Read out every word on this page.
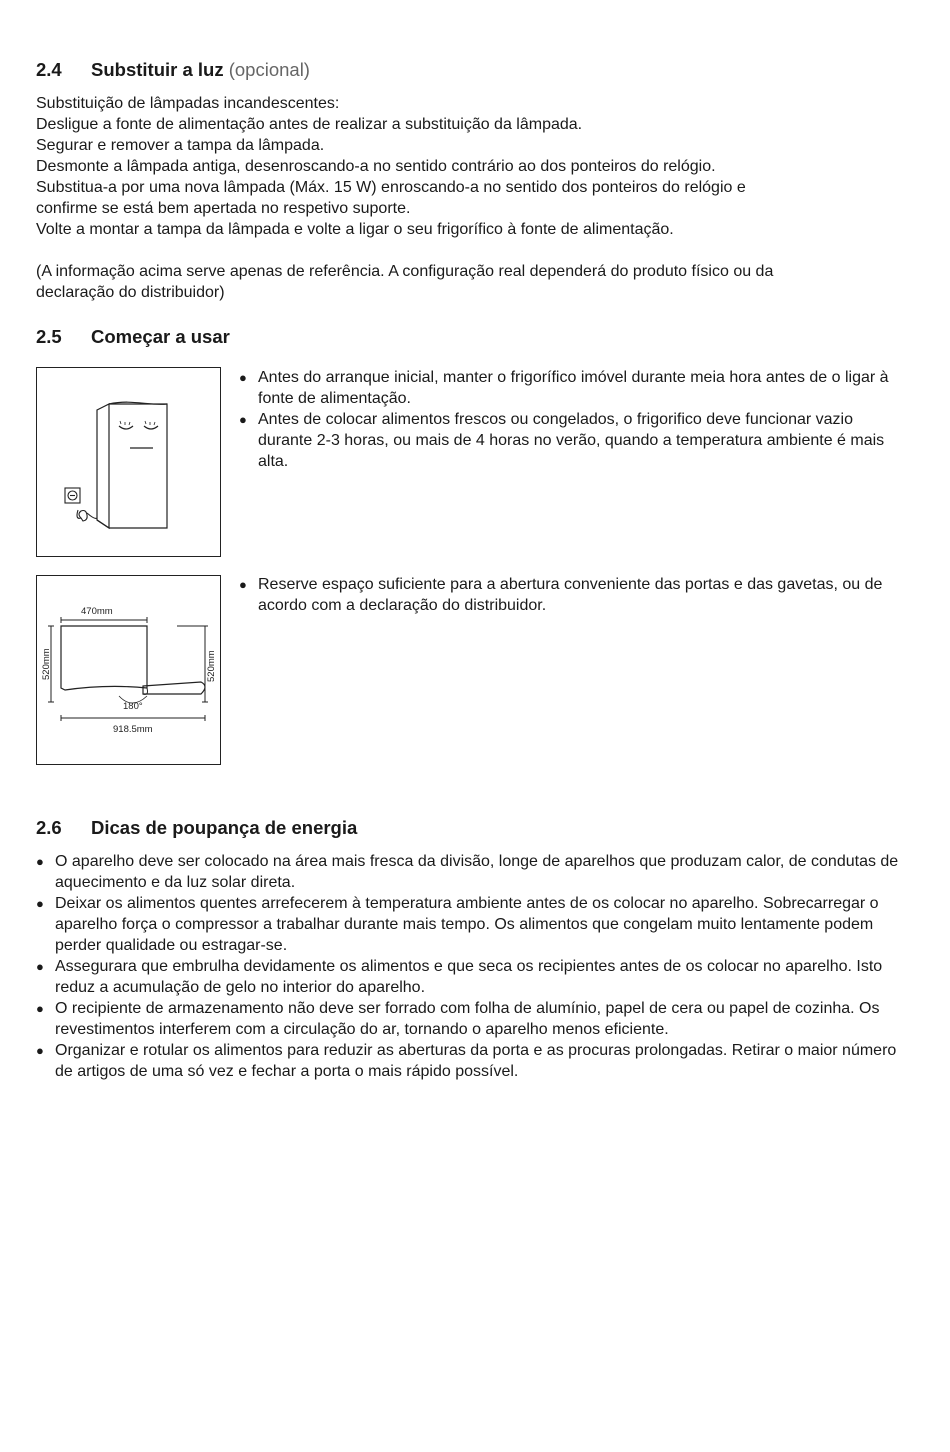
2.4 Substituir a luz (opcional)
Substituição de lâmpadas incandescentes:
Desligue a fonte de alimentação antes de realizar a substituição da lâmpada.
Segurar e remover a tampa da lâmpada.
Desmonte a lâmpada antiga, desenroscando-a no sentido contrário ao dos ponteiros do relógio.
Substitua-a por uma nova lâmpada (Máx. 15 W) enroscando-a no sentido dos ponteiros do relógio e
confirme se está bem apertada no respetivo suporte.
Volte a montar a tampa da lâmpada e volte a ligar o seu frigorífico à fonte de alimentação.
(A informação acima serve apenas de referência. A configuração real dependerá do produto físico ou da
declaração do distribuidor)
2.5 Começar a usar
● Antes do arranque inicial, manter o frigorífico imóvel durante meia hora antes de o ligar à fonte de alimentação.
● Antes de colocar alimentos frescos ou congelados, o frigorifico deve funcionar vazio durante 2-3 horas, ou mais de 4 horas no verão, quando a temperatura ambiente é mais alta.
470mm
520mm	520mm
180°
918.5mm
● Reserve espaço suficiente para a abertura conveniente das portas e das gavetas, ou de acordo com a declaração do distribuidor.
2.6 Dicas de poupança de energia
● O aparelho deve ser colocado na área mais fresca da divisão, longe de aparelhos que produzam calor, de condutas de aquecimento e da luz solar direta.
● Deixar os alimentos quentes arrefecerem à temperatura ambiente antes de os colocar no aparelho. Sobrecarregar o aparelho força o compressor a trabalhar durante mais tempo. Os alimentos que congelam muito lentamente podem perder qualidade ou estragar-se.
● Assegurara que embrulha devidamente os alimentos e que seca os recipientes antes de os colocar no aparelho. Isto reduz a acumulação de gelo no interior do aparelho.
● O recipiente de armazenamento não deve ser forrado com folha de alumínio, papel de cera ou papel de cozinha. Os revestimentos interferem com a circulação do ar, tornando o aparelho menos eficiente.
● Organizar e rotular os alimentos para reduzir as aberturas da porta e as procuras prolongadas. Retirar o maior número de artigos de uma só vez e fechar a porta o mais rápido possível.
